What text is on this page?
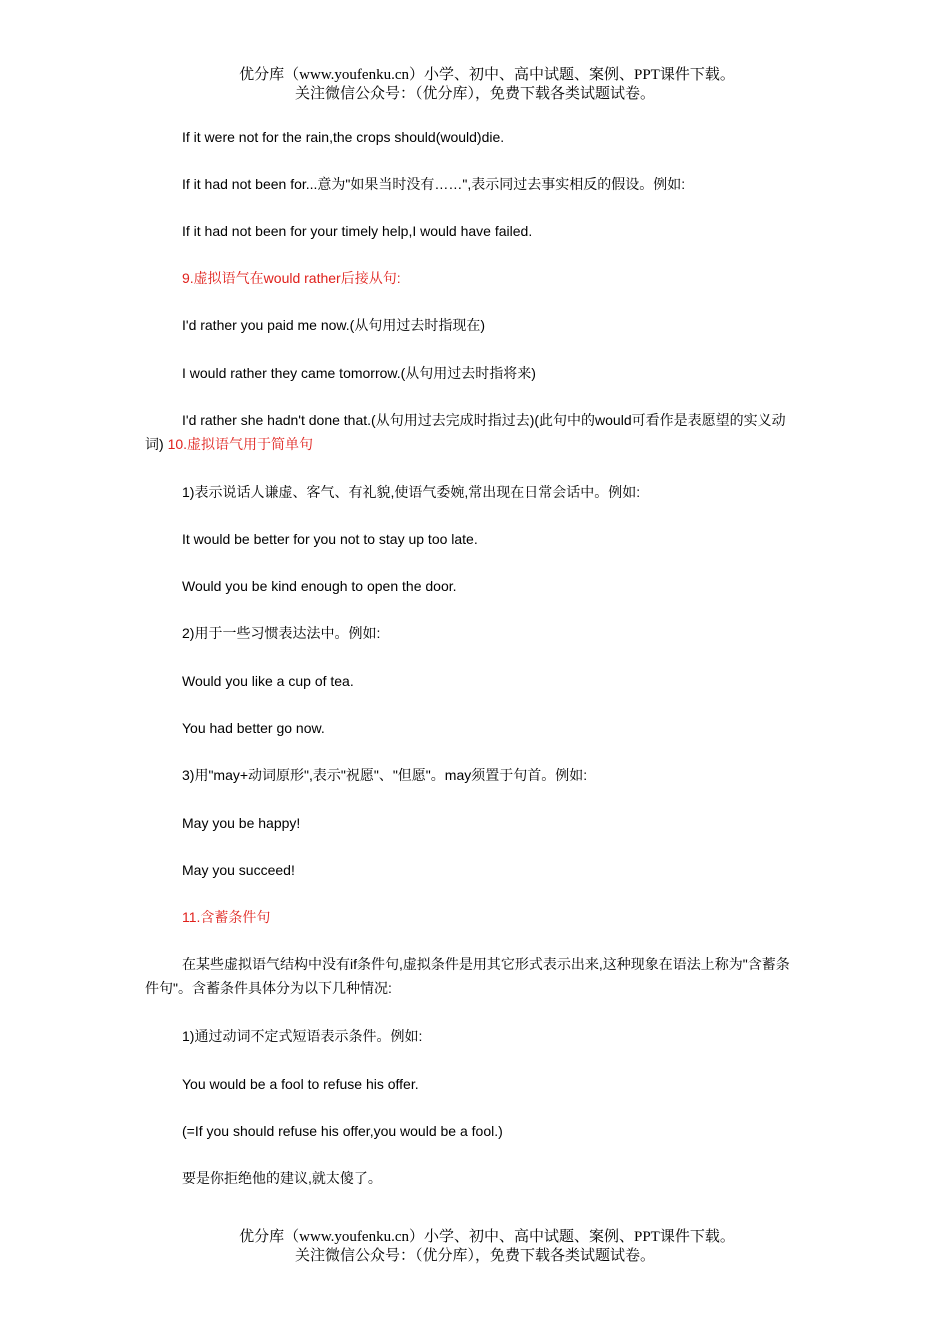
优分库（www.youfenku.cn）小学、初中、高中试题、案例、PPT课件下载。
关注微信公众号：（优分库），免费下载各类试题试卷。
If it were not for the rain,the crops should(would)die.
If it had not been for...意为"如果当时没有……",表示同过去事实相反的假设。例如:
If it had not been for your timely help,I would have failed.
9.虚拟语气在would rather后接从句:
I'd rather you paid me now.(从句用过去时指现在)
I would rather they came tomorrow.(从句用过去时指将来)
I'd rather she hadn't done that.(从句用过去完成时指过去)(此句中的would可看作是表愿望的实义动词) 10.虚拟语气用于简单句
1)表示说话人谦虚、客气、有礼貌,使语气委婉,常出现在日常会话中。例如:
It would be better for you not to stay up too late.
Would you be kind enough to open the door.
2)用于一些习惯表达法中。例如:
Would you like a cup of tea.
You had better go now.
3)用"may+动词原形",表示"祝愿"、"但愿"。may须置于句首。例如:
May you be happy!
May you succeed!
11.含蓄条件句
在某些虚拟语气结构中没有if条件句,虚拟条件是用其它形式表示出来,这种现象在语法上称为"含蓄条件句"。含蓄条件具体分为以下几种情况:
1)通过动词不定式短语表示条件。例如:
You would be a fool to refuse his offer.
(=If you should refuse his offer,you would be a fool.)
要是你拒绝他的建议,就太傻了。
优分库（www.youfenku.cn）小学、初中、高中试题、案例、PPT课件下载。
关注微信公众号：（优分库），免费下载各类试题试卷。
